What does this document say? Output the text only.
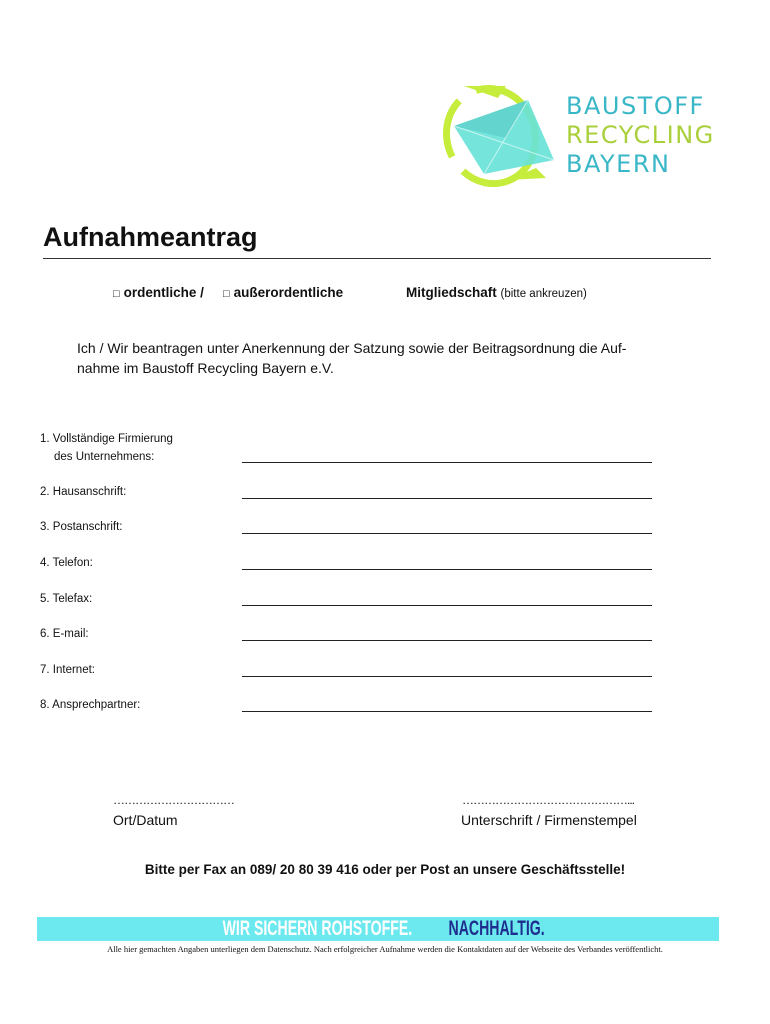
BAUSTOFF
RECYCLING
BAYERN
Aufnahmeantrag
□ ordentliche / □ außerordentliche	Mitgliedschaft (bitte ankreuzen)
Ich / Wir beantragen unter Anerkennung der Satzung sowie der Beitragsordnung die Auf-nahme im Baustoff Recycling Bayern e.V.
1. Vollständige Firmierung
des Unternehmens:
2. Hausanschrift:
3. Postanschrift:
4. Telefon:
5. Telefax:
6. E-mail:
7. Internet:
8. Ansprechpartner:
……………………………
Ort/Datum
………………………………………...
Unterschrift / Firmenstempel
Bitte per Fax an 089/ 20 80 39 416 oder per Post an unsere Geschäftsstelle!
WIR SICHERN ROHSTOFFE. NACHHALTIG.
Alle hier gemachten Angaben unterliegen dem Datenschutz. Nach erfolgreicher Aufnahme werden die Kontaktdaten auf der Webseite des Verbandes veröffentlicht.
